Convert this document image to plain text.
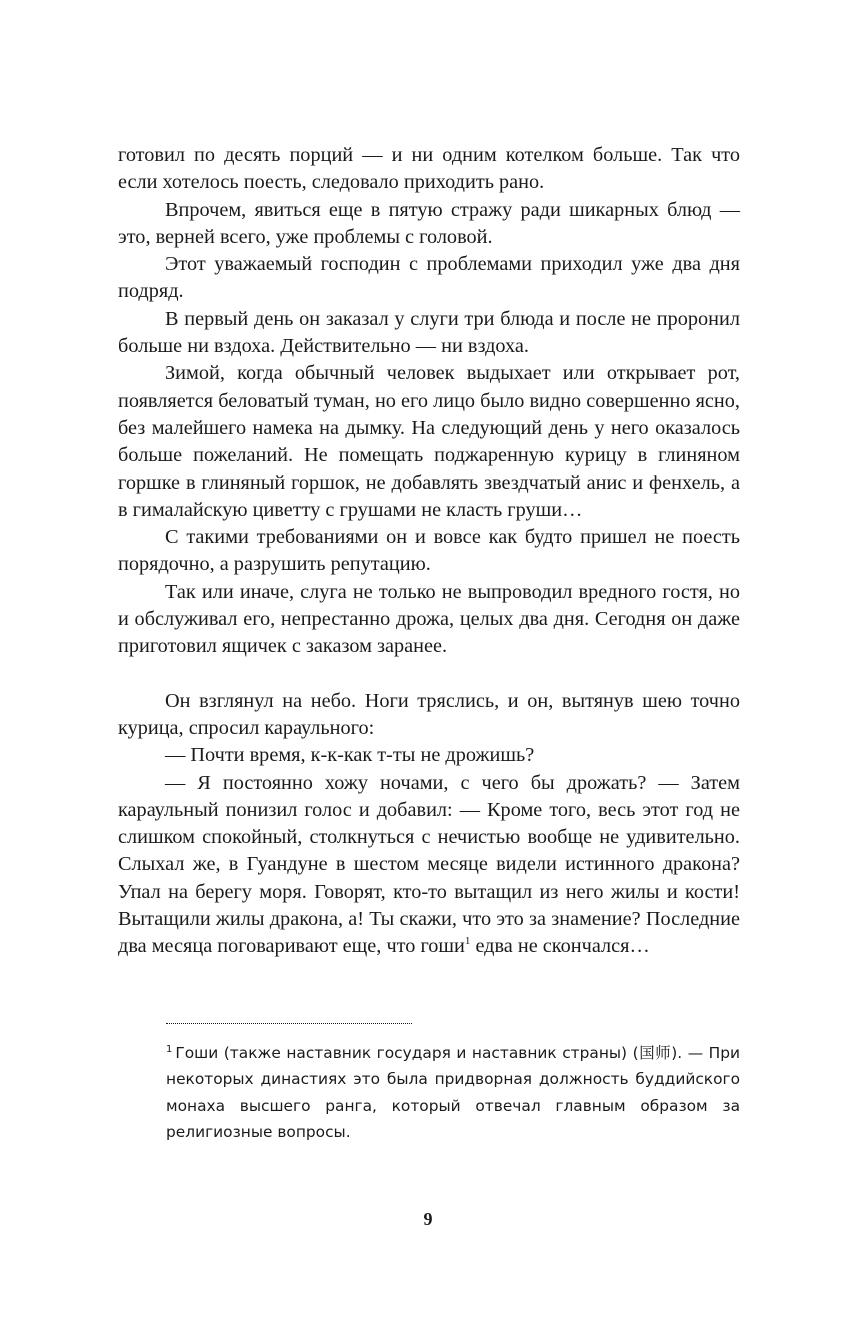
готовил по десять порций — и ни одним котелком больше. Так что если хотелось поесть, следовало приходить рано.

Впрочем, явиться еще в пятую стражу ради шикарных блюд — это, верней всего, уже проблемы с головой.

Этот уважаемый господин с проблемами приходил уже два дня подряд.

В первый день он заказал у слуги три блюда и после не проронил больше ни вздоха. Действительно — ни вздоха.

Зимой, когда обычный человек выдыхает или открывает рот, появляется беловатый туман, но его лицо было видно совершенно ясно, без малейшего намека на дымку. На следующий день у него оказалось больше пожеланий. Не помещать поджаренную курицу в глиняном горшке в глиняный горшок, не добавлять звездчатый анис и фенхель, а в гималайскую циветту с грушами не класть груши…

С такими требованиями он и вовсе как будто пришел не поесть порядочно, а разрушить репутацию.

Так или иначе, слуга не только не выпроводил вредного гостя, но и обслуживал его, непрестанно дрожа, целых два дня. Сегодня он даже приготовил ящичек с заказом заранее.

Он взглянул на небо. Ноги тряслись, и он, вытянув шею точно курица, спросил караульного:

— Почти время, к-к-как т-ты не дрожишь?

— Я постоянно хожу ночами, с чего бы дрожать? — Затем караульный понизил голос и добавил: — Кроме того, весь этот год не слишком спокойный, столкнуться с нечистью вообще не удивительно. Слыхал же, в Гуандуне в шестом месяце видели истинного дракона? Упал на берегу моря. Говорят, кто-то вытащил из него жилы и кости! Вытащили жилы дракона, а! Ты скажи, что это за знамение? Последние два месяца поговаривают еще, что гоши$^1$ едва не скончался…

$^1$ Гоши (также наставник государя и наставник страны) (国师). — При некоторых династиях это была придворная должность буддийского монаха высшего ранга, который отвечал главным образом за религиозные вопросы.

9
